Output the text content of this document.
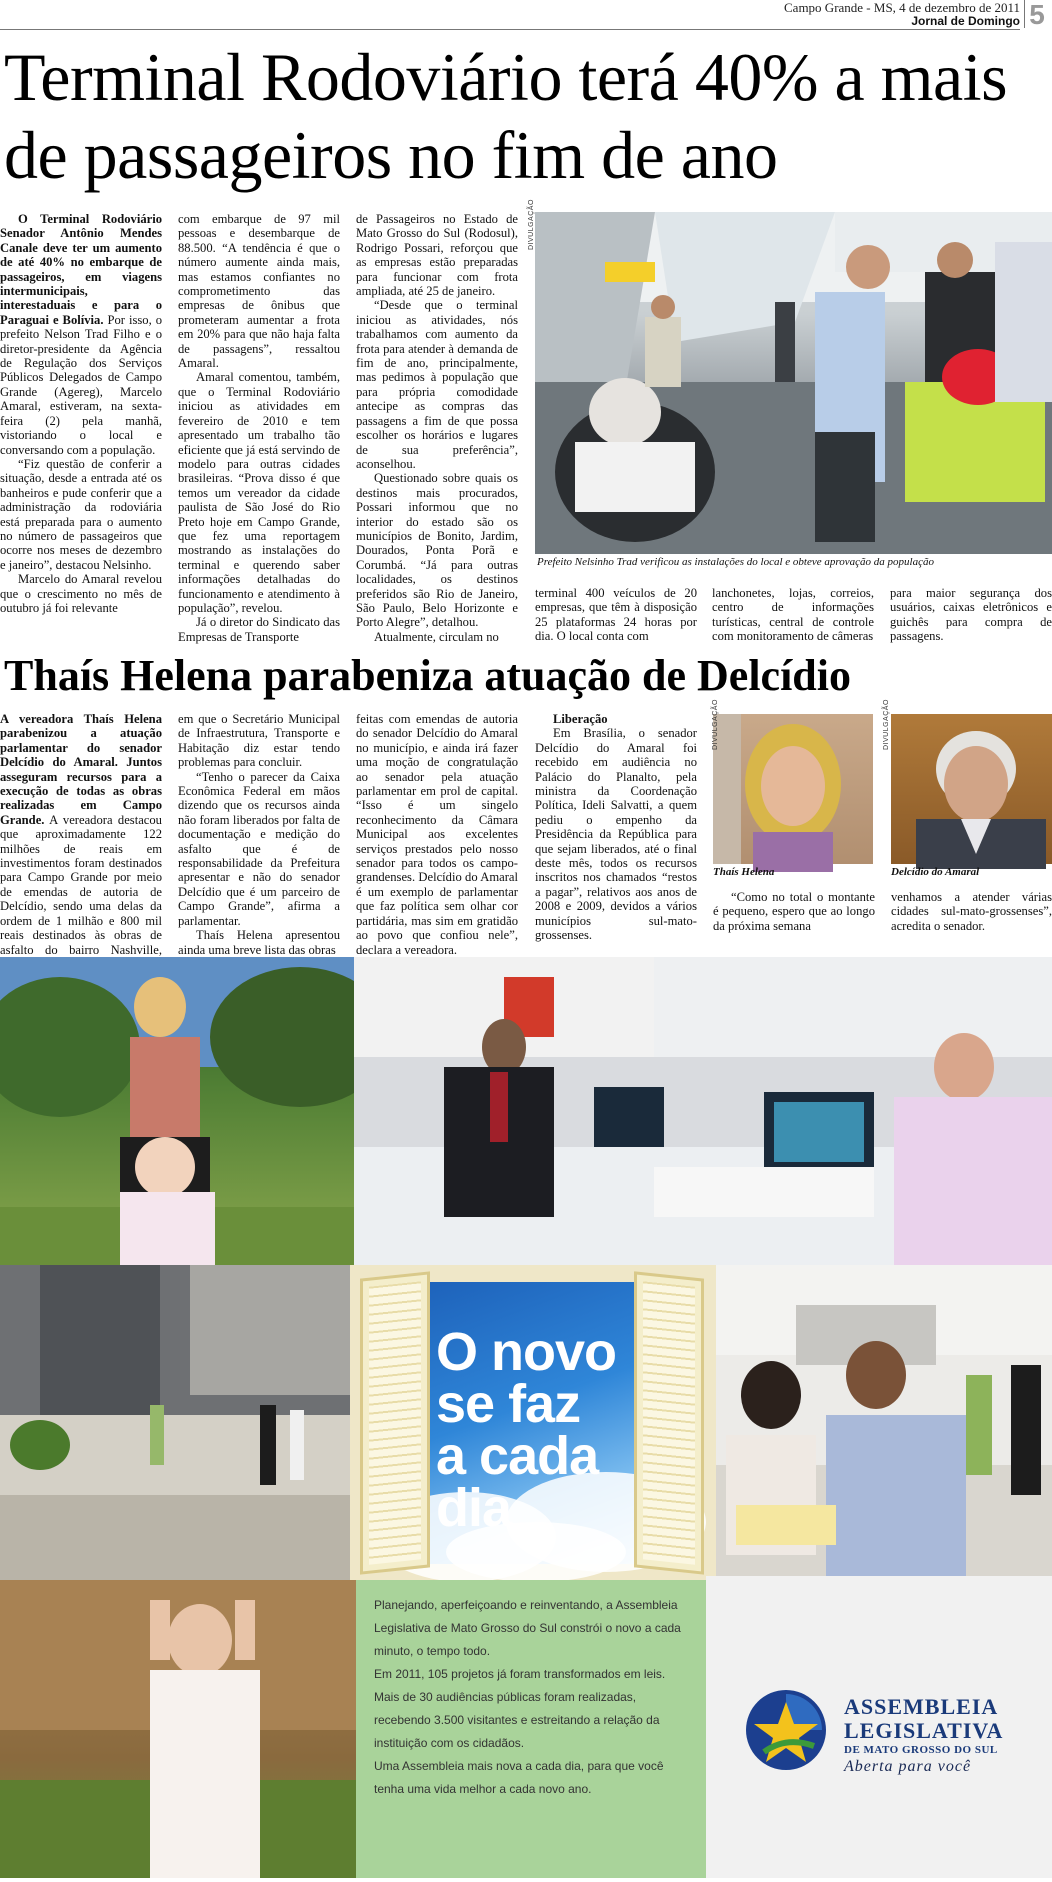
Campo Grande - MS, 4 de dezembro de 2011
Jornal de Domingo 5
Terminal Rodoviário terá 40% a mais de passageiros no fim de ano

O Terminal Rodoviário Senador Antônio Mendes Canale deve ter um aumento de até 40% no embarque de passageiros, em viagens intermunicipais, interestaduais e para o Paraguai e Bolívia. Por isso, o prefeito Nelson Trad Filho e o diretor-presidente da Agência de Regulação dos Serviços Públicos Delegados de Campo Grande (Agereg), Marcelo Amaral, estiveram, na sexta-feira (2) pela manhã, vistoriando o local e conversando com a população.

“Fiz questão de conferir a situação, desde a entrada até os banheiros e pude conferir que a administração da rodoviária está preparada para o aumento no número de passageiros que ocorre nos meses de dezembro e janeiro”, destacou Nelsinho.

Marcelo do Amaral revelou que o crescimento no mês de outubro já foi relevante

com embarque de 97 mil pessoas e desembarque de 88.500. “A tendência é que o número aumente ainda mais, mas estamos confiantes no comprometimento das empresas de ônibus que prometeram aumentar a frota em 20% para que não haja falta de passagens”, ressaltou Amaral.

Amaral comentou, também, que o Terminal Rodoviário iniciou as atividades em fevereiro de 2010 e tem apresentado um trabalho tão eficiente que já está servindo de modelo para outras cidades brasileiras. “Prova disso é que temos um vereador da cidade paulista de São José do Rio Preto hoje em Campo Grande, que fez uma reportagem mostrando as instalações do terminal e querendo saber informações detalhadas do funcionamento e atendimento à população”, revelou.

Já o diretor do Sindicato das Empresas de Transporte

de Passageiros no Estado de Mato Grosso do Sul (Rodosul), Rodrigo Possari, reforçou que as empresas estão preparadas para funcionar com frota ampliada, até 25 de janeiro.

“Desde que o terminal iniciou as atividades, nós trabalhamos com aumento da frota para atender à demanda de fim de ano, principalmente, mas pedimos à população que para própria comodidade antecipe as compras das passagens a fim de que possa escolher os horários e lugares de sua preferência”, aconselhou.

Questionado sobre quais os destinos mais procurados, Possari informou que no interior do estado são os municípios de Bonito, Jardim, Dourados, Ponta Porã e Corumbá. “Já para outras localidades, os destinos preferidos são Rio de Janeiro, São Paulo, Belo Horizonte e Porto Alegre”, detalhou.

Atualmente, circulam no

DIVULGAÇÃO
Prefeito Nelsinho Trad verificou as instalações do local e obteve aprovação da população

terminal 400 veículos de 20 empresas, que têm à disposição 25 plataformas 24 horas por dia. O local conta com

lanchonetes, lojas, correios, centro de informações turísticas, central de controle com monitoramento de câmeras

para maior segurança dos usuários, caixas eletrônicos e guichês para compra de passagens.

Thaís Helena parabeniza atuação de Delcídio

A vereadora Thaís Helena parabenizou a atuação parlamentar do senador Delcídio do Amaral. Juntos asseguram recursos para a execução de todas as obras realizadas em Campo Grande. A vereadora destacou que aproximadamente 122 milhões de reais em investimentos foram destinados para Campo Grande por meio de emendas de autoria de Delcídio, sendo uma delas da ordem de 1 milhão e 800 mil reais destinados às obras de asfalto do bairro Nashville,

em que o Secretário Municipal de Infraestrutura, Transporte e Habitação diz estar tendo problemas para concluir.

“Tenho o parecer da Caixa Econômica Federal em mãos dizendo que os recursos ainda não foram liberados por falta de documentação e medição do asfalto que é de responsabilidade da Prefeitura apresentar e não do senador Delcídio que é um parceiro de Campo Grande”, afirma a parlamentar.

Thaís Helena apresentou ainda uma breve lista das obras

feitas com emendas de autoria do senador Delcídio do Amaral no município, e ainda irá fazer uma moção de congratulação ao senador pela atuação parlamentar em prol de capital. “Isso é um singelo reconhecimento da Câmara Municipal aos excelentes serviços prestados pelo nosso senador para todos os campo-grandenses. Delcídio do Amaral é um exemplo de parlamentar que faz política sem olhar cor partidária, mas sim em gratidão ao povo que confiou nele”, declara a vereadora.

Liberação

Em Brasília, o senador Delcídio do Amaral foi recebido em audiência no Palácio do Planalto, pela ministra da Coordenação Política, Ideli Salvatti, a quem pediu o empenho da Presidência da República para que sejam liberados, até o final deste mês, todos os recursos inscritos nos chamados “restos a pagar”, relativos aos anos de 2008 e 2009, devidos a vários municípios sul-mato-grossenses.

DIVULGAÇÃO
Thaís Helena
DIVULGAÇÃO
Delcídio do Amaral

“Como no total o montante é pequeno, espero que ao longo da próxima semana

venhamos a atender várias cidades sul-mato-grossenses”, acredita o senador.

O novo
se faz
a cada
dia

Planejando, aperfeiçoando e reinventando, a Assembleia Legislativa de Mato Grosso do Sul constrói o novo a cada minuto, o tempo todo.

Em 2011, 105 projetos já foram transformados em leis.

Mais de 30 audiências públicas foram realizadas, recebendo 3.500 visitantes e estreitando a relação da instituição com os cidadãos.

Uma Assembleia mais nova a cada dia, para que você tenha uma vida melhor a cada novo ano.

ASSEMBLEIA
LEGISLATIVA
DE MATO GROSSO DO SUL
Aberta para você
